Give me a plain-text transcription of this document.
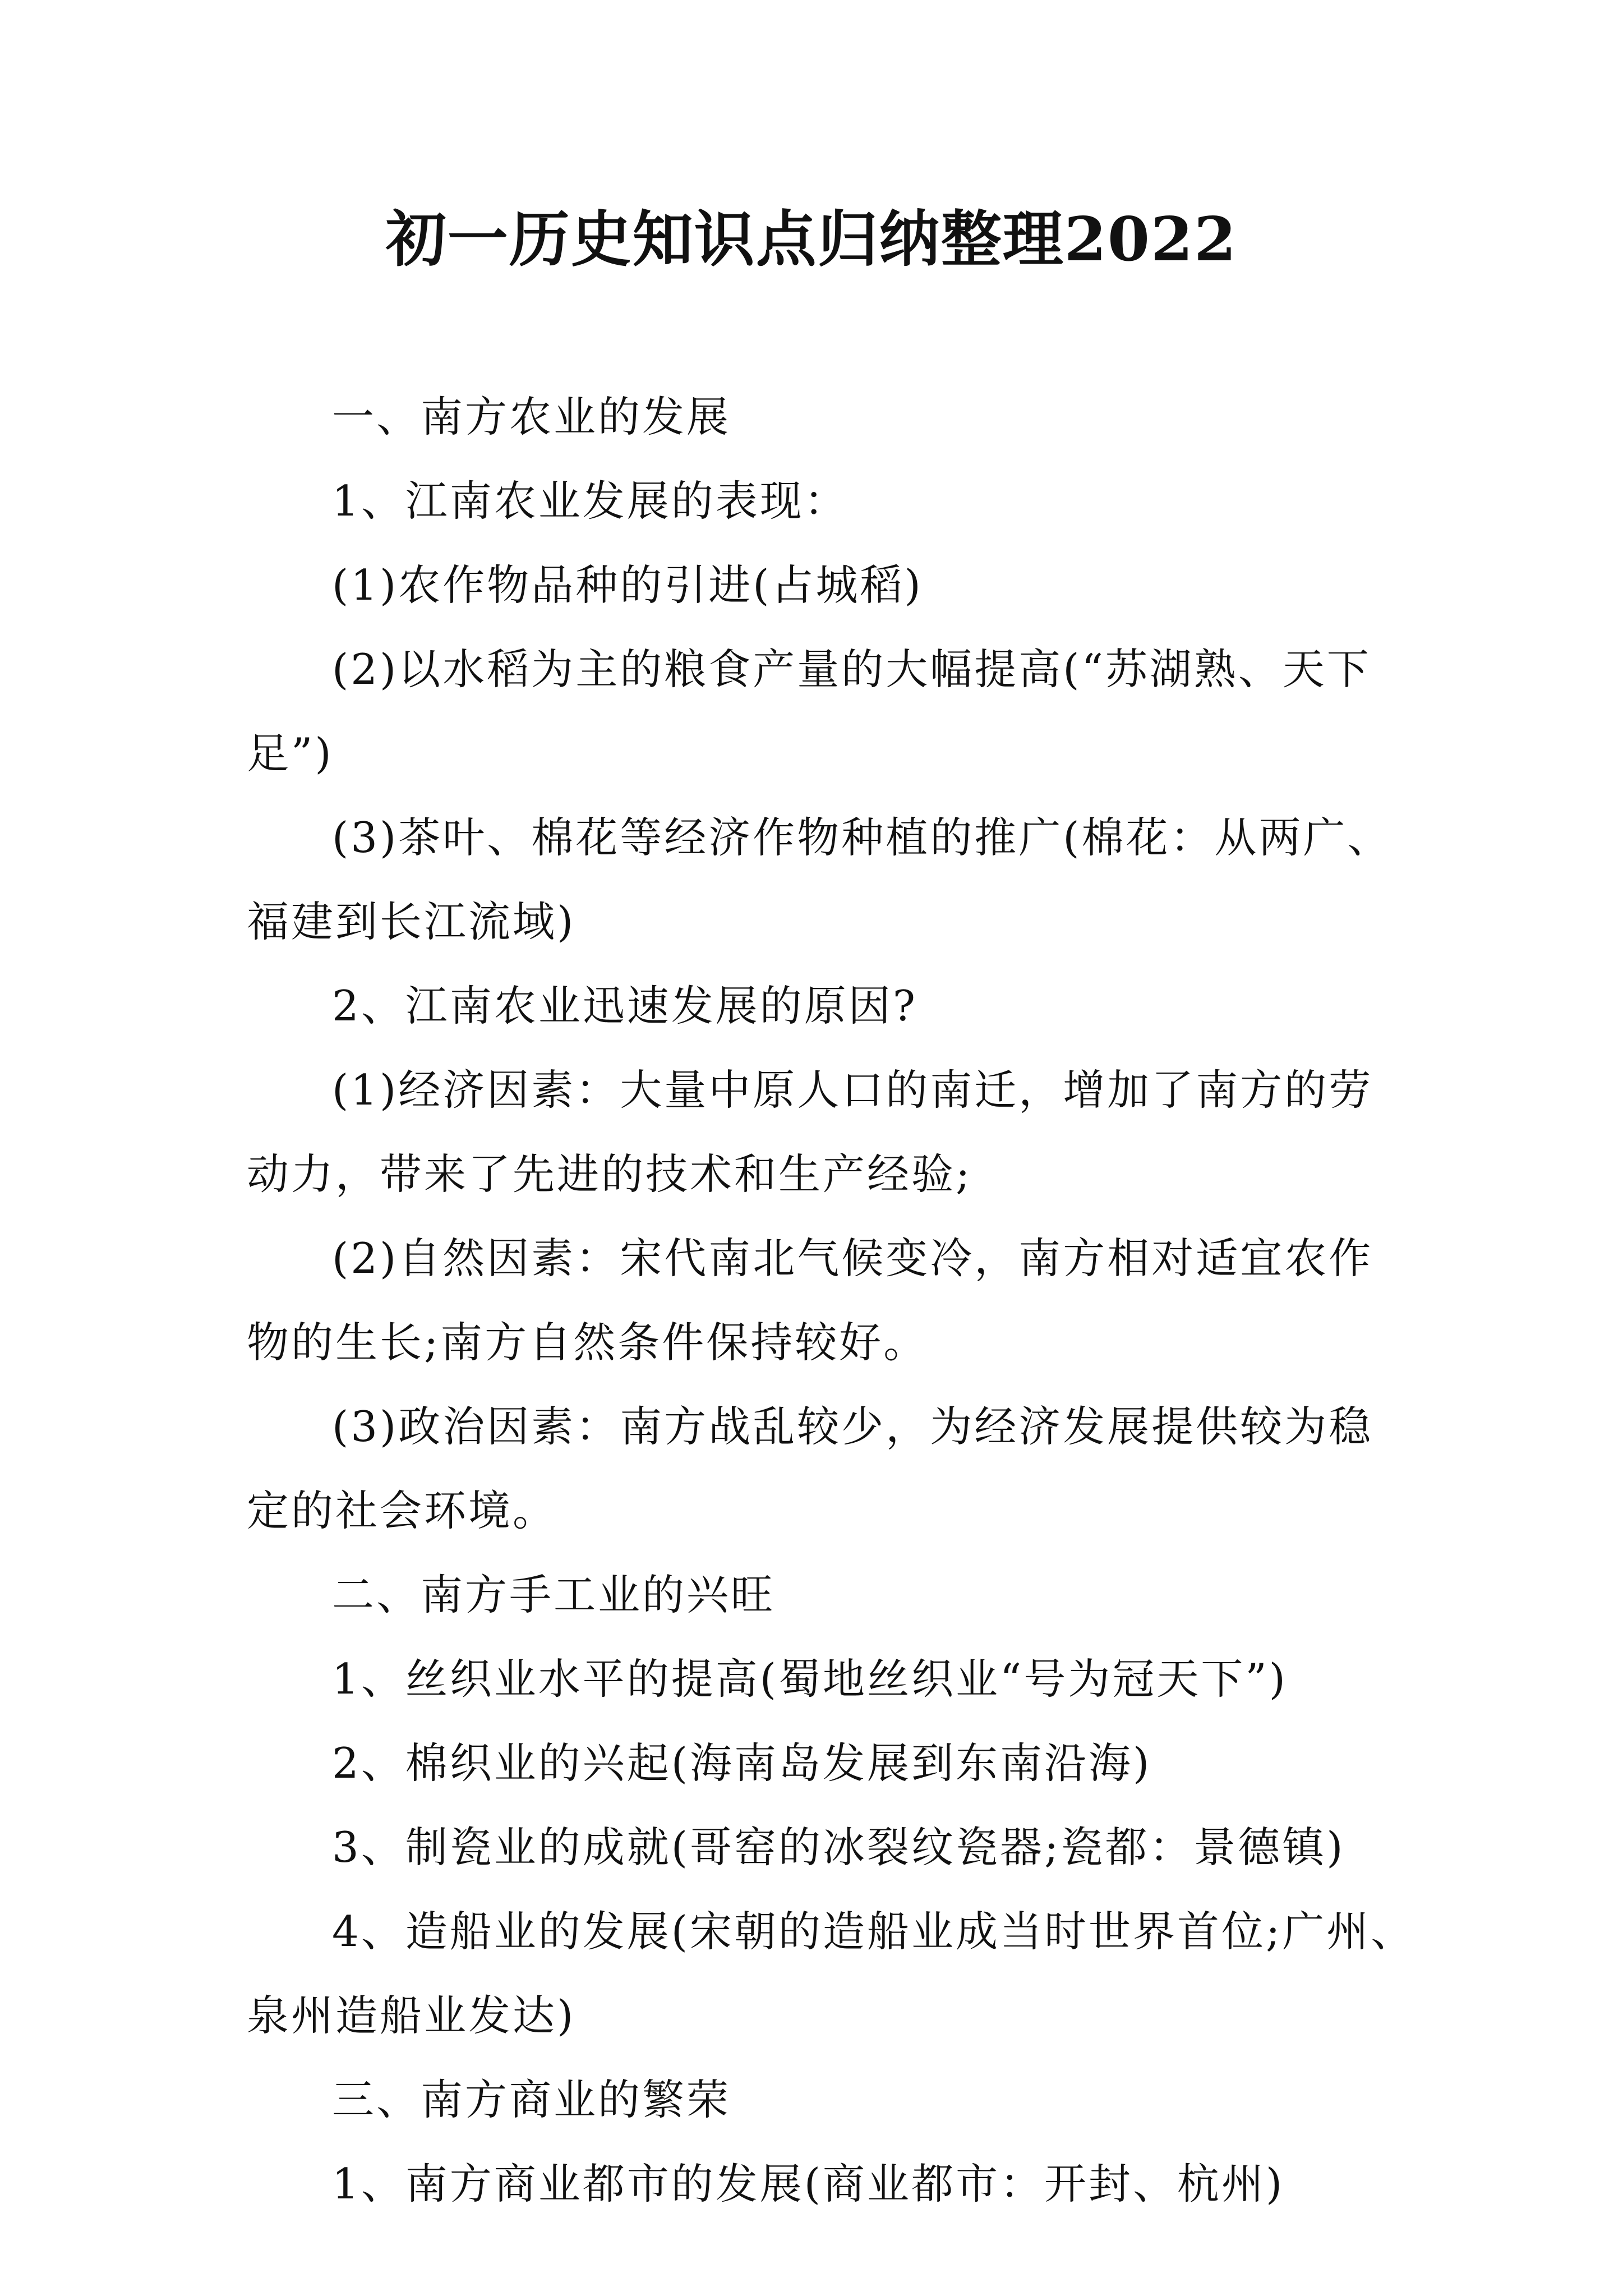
初一历史知识点归纳整理2022

一、南方农业的发展

1、江南农业发展的表现：

(1)农作物品种的引进(占城稻)

(2)以水稻为主的粮食产量的大幅提高(“苏湖熟、天下

足”)

(3)茶叶、棉花等经济作物种植的推广(棉花：从两广、

福建到长江流域)

2、江南农业迅速发展的原因?

(1)经济因素：大量中原人口的南迁，增加了南方的劳

动力，带来了先进的技术和生产经验;

(2)自然因素：宋代南北气候变冷，南方相对适宜农作

物的生长;南方自然条件保持较好。

(3)政治因素：南方战乱较少，为经济发展提供较为稳

定的社会环境。

二、南方手工业的兴旺

1、丝织业水平的提高(蜀地丝织业“号为冠天下”)

2、棉织业的兴起(海南岛发展到东南沿海)

3、制瓷业的成就(哥窑的冰裂纹瓷器;瓷都：景德镇)

4、造船业的发展(宋朝的造船业成当时世界首位;广州、

泉州造船业发达)

三、南方商业的繁荣

1、南方商业都市的发展(商业都市：开封、杭州)
